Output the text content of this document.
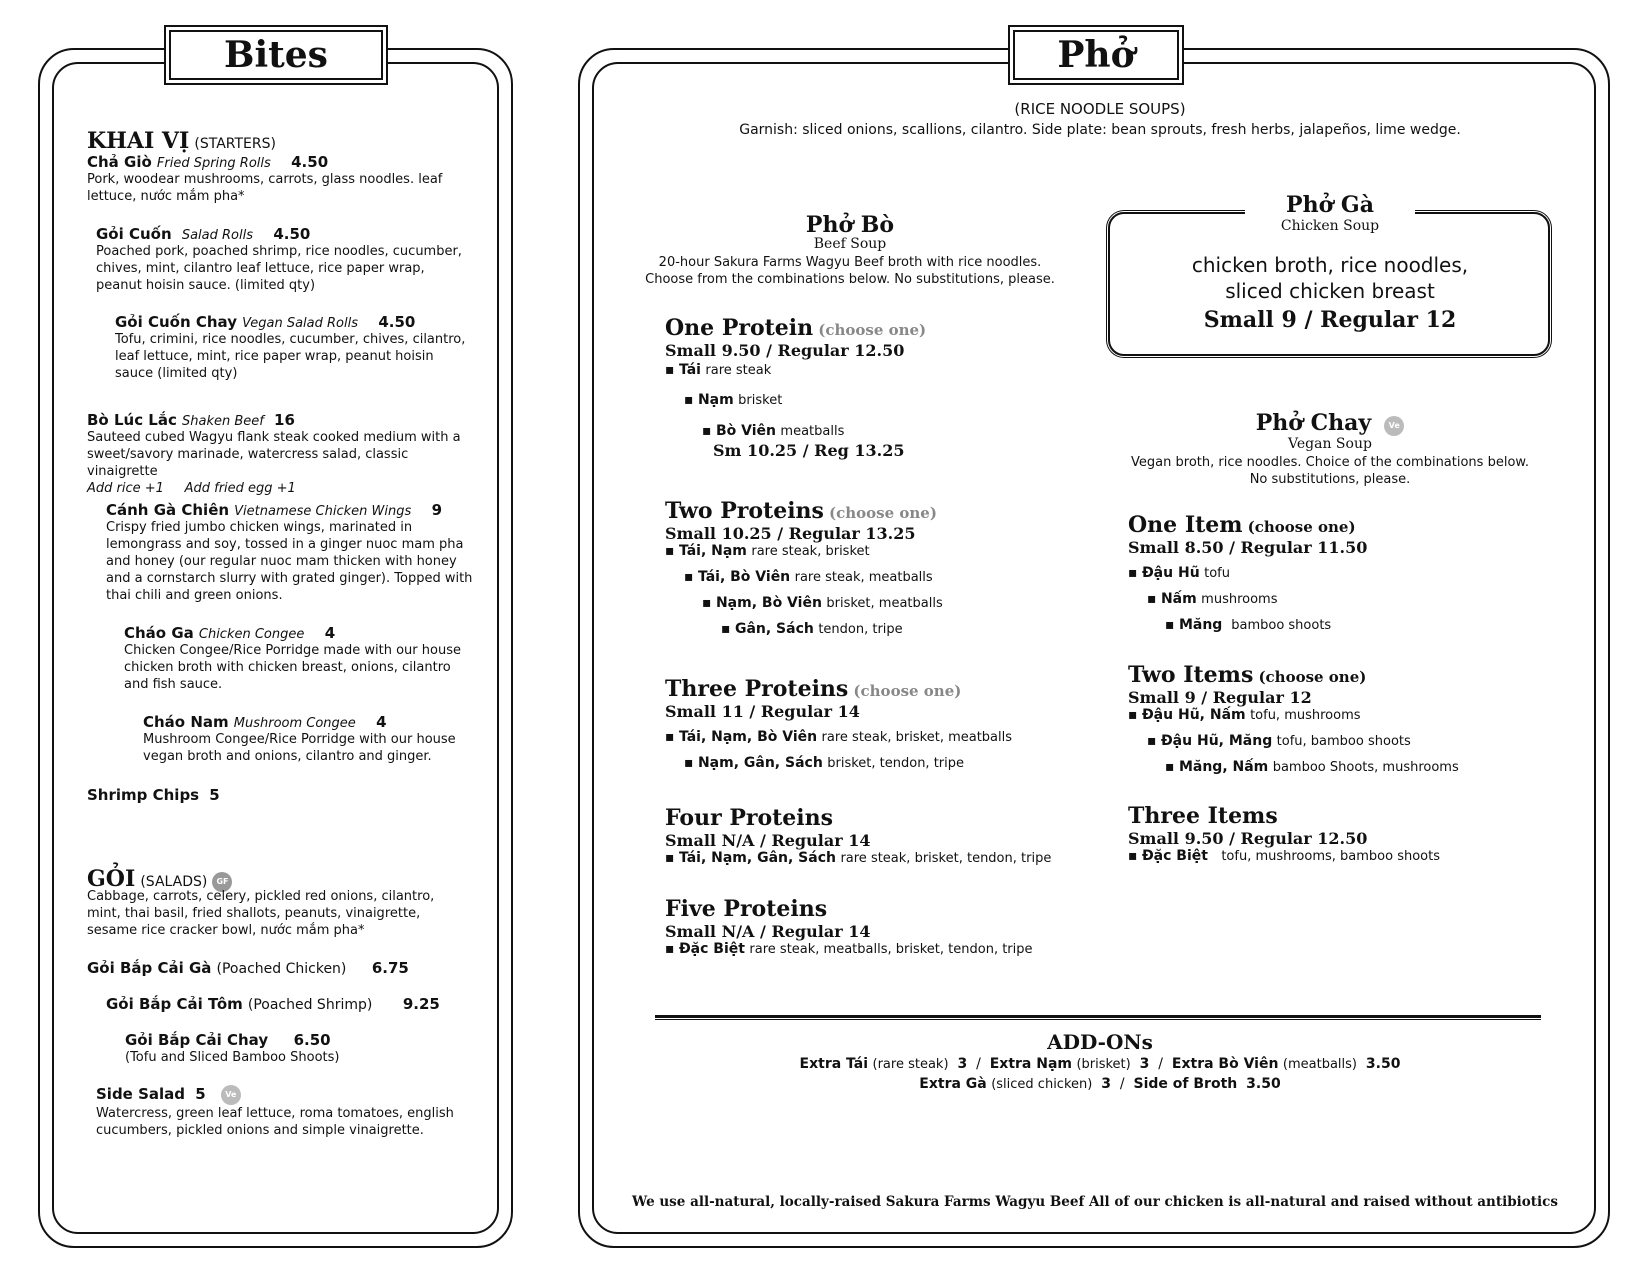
Bites
KHAI VỊ (STARTERS)
Chả Giò Fried Spring Rolls 4.50
Pork, woodear mushrooms, carrots, glass noodles. leaf lettuce, nước mắm pha*
Gỏi Cuốn Salad Rolls 4.50
Poached pork, poached shrimp, rice noodles, cucumber, chives, mint, cilantro leaf lettuce, rice paper wrap, peanut hoisin sauce. (limited qty)
Gỏi Cuốn Chay Vegan Salad Rolls 4.50
Tofu, crimini, rice noodles, cucumber, chives, cilantro, leaf lettuce, mint, rice paper wrap, peanut hoisin sauce (limited qty)
Bò Lúc Lắc Shaken Beef 16
Sauteed cubed Wagyu flank steak cooked medium with a sweet/savory marinade, watercress salad, classic vinaigrette
Add rice +1     Add fried egg +1
Cánh Gà Chiên Vietnamese Chicken Wings 9
Crispy fried jumbo chicken wings, marinated in lemongrass and soy, tossed in a ginger nuoc mam pha and honey (our regular nuoc mam thicken with honey and a cornstarch slurry with grated ginger). Topped with thai chili and green onions.
Cháo Ga Chicken Congee 4
Chicken Congee/Rice Porridge made with our house chicken broth with chicken breast, onions, cilantro and fish sauce.
Cháo Nam Mushroom Congee 4
Mushroom Congee/Rice Porridge with our house vegan broth and onions, cilantro and ginger.
Shrimp Chips 5
GỎI (SALADS) GF
Cabbage, carrots, celery, pickled red onions, cilantro, mint, thai basil, fried shallots, peanuts, vinaigrette, sesame rice cracker bowl, nước mắm pha*
Gỏi Bắp Cải Gà (Poached Chicken) 6.75
Gỏi Bắp Cải Tôm (Poached Shrimp) 9.25
Gỏi Bắp Cải Chay 6.50
(Tofu and Sliced Bamboo Shoots)
Side Salad 5 Ve
Watercress, green leaf lettuce, roma tomatoes, english cucumbers, pickled onions and simple vinaigrette.
Phở
(RICE NOODLE SOUPS)
Garnish: sliced onions, scallions, cilantro. Side plate: bean sprouts, fresh herbs, jalapeños, lime wedge.
Phở Bò
Beef Soup
20-hour Sakura Farms Wagyu Beef broth with rice noodles.
Choose from the combinations below. No substitutions, please.
One Protein (choose one)
Small 9.50 / Regular 12.50
▪ Tái rare steak
▪ Nạm brisket
▪ Bò Viên meatballs
Sm 10.25 / Reg 13.25
Two Proteins (choose one)
Small 10.25 / Regular 13.25
▪ Tái, Nạm rare steak, brisket
▪ Tái, Bò Viên rare steak, meatballs
▪ Nạm, Bò Viên brisket, meatballs
▪ Gân, Sách tendon, tripe
Three Proteins (choose one)
Small 11 / Regular 14
▪ Tái, Nạm, Bò Viên rare steak, brisket, meatballs
▪ Nạm, Gân, Sách brisket, tendon, tripe
Four Proteins
Small N/A / Regular 14
▪ Tái, Nạm, Gân, Sách rare steak, brisket, tendon, tripe
Five Proteins
Small N/A / Regular 14
▪ Đặc Biệt rare steak, meatballs, brisket, tendon, tripe
Phở Gà
Chicken Soup
chicken broth, rice noodles, sliced chicken breast
Small 9 / Regular 12
Phở Chay Ve
Vegan Soup
Vegan broth, rice noodles. Choice of the combinations below.
No substitutions, please.
One Item (choose one)
Small 8.50 / Regular 11.50
▪ Đậu Hũ tofu
▪ Nấm mushrooms
▪ Măng bamboo shoots
Two Items (choose one)
Small 9 / Regular 12
▪ Đậu Hũ, Nấm tofu, mushrooms
▪ Đậu Hũ, Măng tofu, bamboo shoots
▪ Măng, Nấm bamboo Shoots, mushrooms
Three Items
Small 9.50 / Regular 12.50
▪ Đặc Biệt tofu, mushrooms, bamboo shoots
ADD-ONs
Extra Tái (rare steak) 3  /  Extra Nạm (brisket) 3  /  Extra Bò Viên (meatballs) 3.50
Extra Gà (sliced chicken) 3  /  Side of Broth 3.50
We use all-natural, locally-raised Sakura Farms Wagyu Beef All of our chicken is all-natural and raised without antibiotics
